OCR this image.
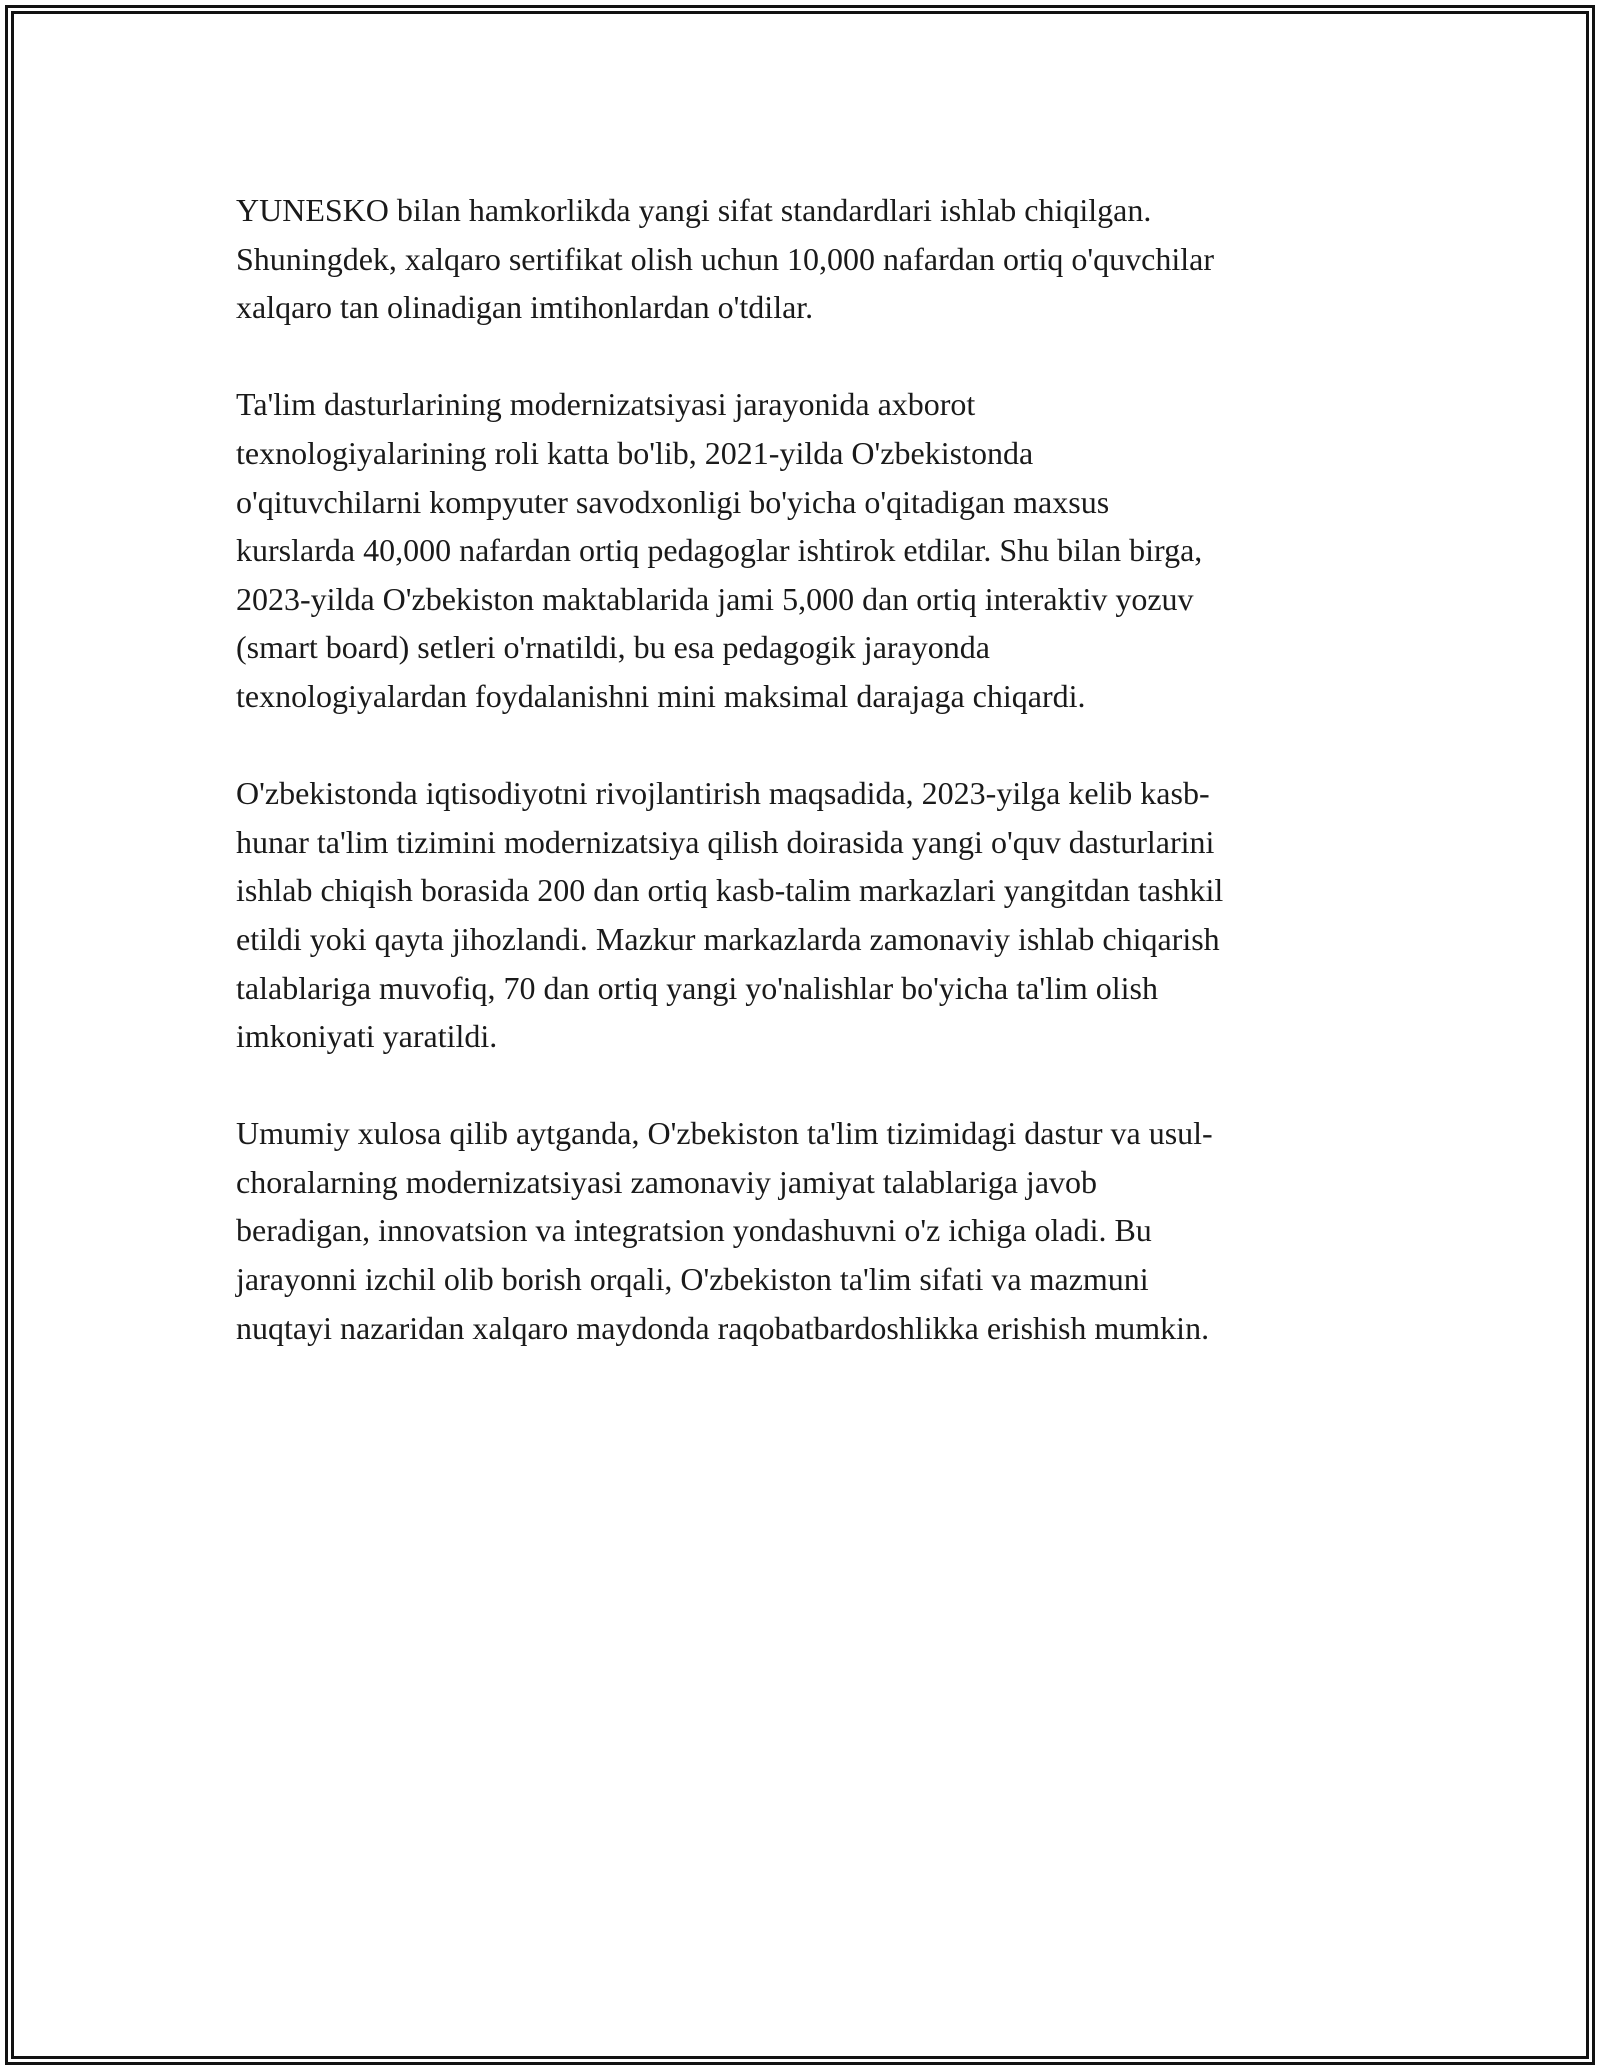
YUNESKO bilan hamkorlikda yangi sifat standardlari ishlab chiqilgan.
Shuningdek, xalqaro sertifikat olish uchun 10,000 nafardan ortiq o'quvchilar
xalqaro tan olinadigan imtihonlardan o'tdilar.

Ta'lim dasturlarining modernizatsiyasi jarayonida axborot
texnologiyalarining roli katta bo'lib, 2021-yilda O'zbekistonda
o'qituvchilarni kompyuter savodxonligi bo'yicha o'qitadigan maxsus
kurslarda 40,000 nafardan ortiq pedagoglar ishtirok etdilar. Shu bilan birga,
2023-yilda O'zbekiston maktablarida jami 5,000 dan ortiq interaktiv yozuv
(smart board) setleri o'rnatildi, bu esa pedagogik jarayonda
texnologiyalardan foydalanishni mini maksimal darajaga chiqardi.

O'zbekistonda iqtisodiyotni rivojlantirish maqsadida, 2023-yilga kelib kasb-
hunar ta'lim tizimini modernizatsiya qilish doirasida yangi o'quv dasturlarini
ishlab chiqish borasida 200 dan ortiq kasb-talim markazlari yangitdan tashkil
etildi yoki qayta jihozlandi. Mazkur markazlarda zamonaviy ishlab chiqarish
talablariga muvofiq, 70 dan ortiq yangi yo'nalishlar bo'yicha ta'lim olish
imkoniyati yaratildi.

Umumiy xulosa qilib aytganda, O'zbekiston ta'lim tizimidagi dastur va usul-
choralarning modernizatsiyasi zamonaviy jamiyat talablariga javob
beradigan, innovatsion va integratsion yondashuvni o'z ichiga oladi. Bu
jarayonni izchil olib borish orqali, O'zbekiston ta'lim sifati va mazmuni
nuqtayi nazaridan xalqaro maydonda raqobatbardoshlikka erishish mumkin.
